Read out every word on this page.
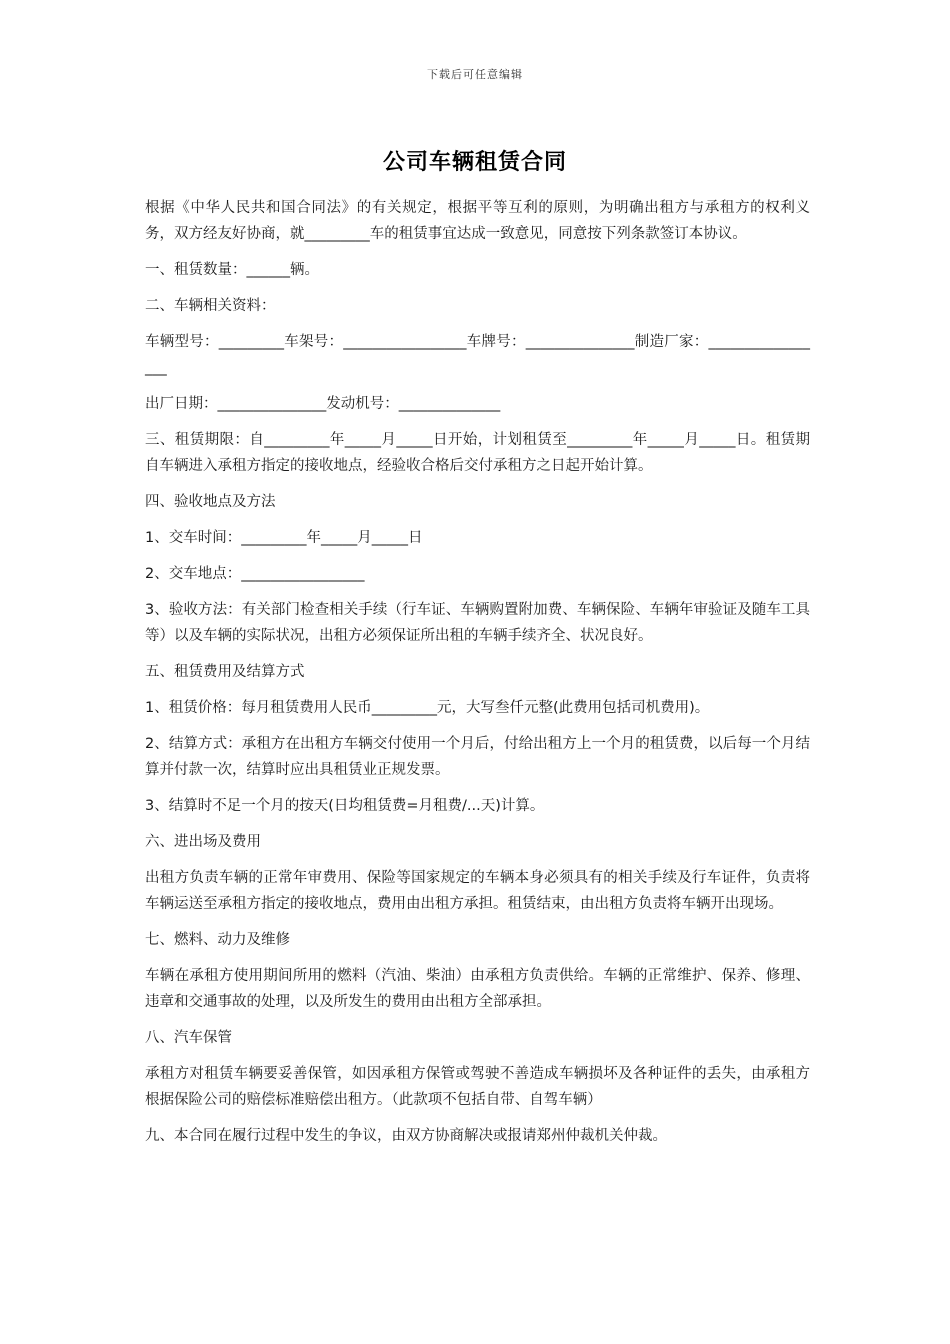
下载后可任意编辑
公司车辆租赁合同

根据《中华人民共和国合同法》的有关规定，根据平等互利的原则，为明确出租方与承租方的权利义务，双方经友好协商，就_________车的租赁事宜达成一致意见，同意按下列条款签订本协议。

一、租赁数量：______辆。

二、车辆相关资料：

车辆型号：_________车架号：_________________车牌号：_______________制造厂家：_________________

出厂日期：_______________发动机号：______________

三、租赁期限：自_________年_____月_____日开始，计划租赁至_________年_____月_____日。租赁期自车辆进入承租方指定的接收地点，经验收合格后交付承租方之日起开始计算。

四、验收地点及方法

1、交车时间：_________年_____月_____日

2、交车地点：_________________

3、验收方法：有关部门检查相关手续（行车证、车辆购置附加费、车辆保险、车辆年审验证及随车工具等）以及车辆的实际状况，出租方必须保证所出租的车辆手续齐全、状况良好。

五、租赁费用及结算方式

1、租赁价格：每月租赁费用人民币_________元，大写叁仟元整(此费用包括司机费用)。

2、结算方式：承租方在出租方车辆交付使用一个月后，付给出租方上一个月的租赁费，以后每一个月结算并付款一次，结算时应出具租赁业正规发票。

3、结算时不足一个月的按天(日均租赁费=月租费/...天)计算。

六、进出场及费用

出租方负责车辆的正常年审费用、保险等国家规定的车辆本身必须具有的相关手续及行车证件，负责将车辆运送至承租方指定的接收地点，费用由出租方承担。租赁结束，由出租方负责将车辆开出现场。

七、燃料、动力及维修

车辆在承租方使用期间所用的燃料（汽油、柴油）由承租方负责供给。车辆的正常维护、保养、修理、违章和交通事故的处理，以及所发生的费用由出租方全部承担。

八、汽车保管

承租方对租赁车辆要妥善保管，如因承租方保管或驾驶不善造成车辆损坏及各种证件的丢失，由承租方根据保险公司的赔偿标准赔偿出租方。（此款项不包括自带、自驾车辆）

九、本合同在履行过程中发生的争议，由双方协商解决或报请郑州仲裁机关仲裁。
